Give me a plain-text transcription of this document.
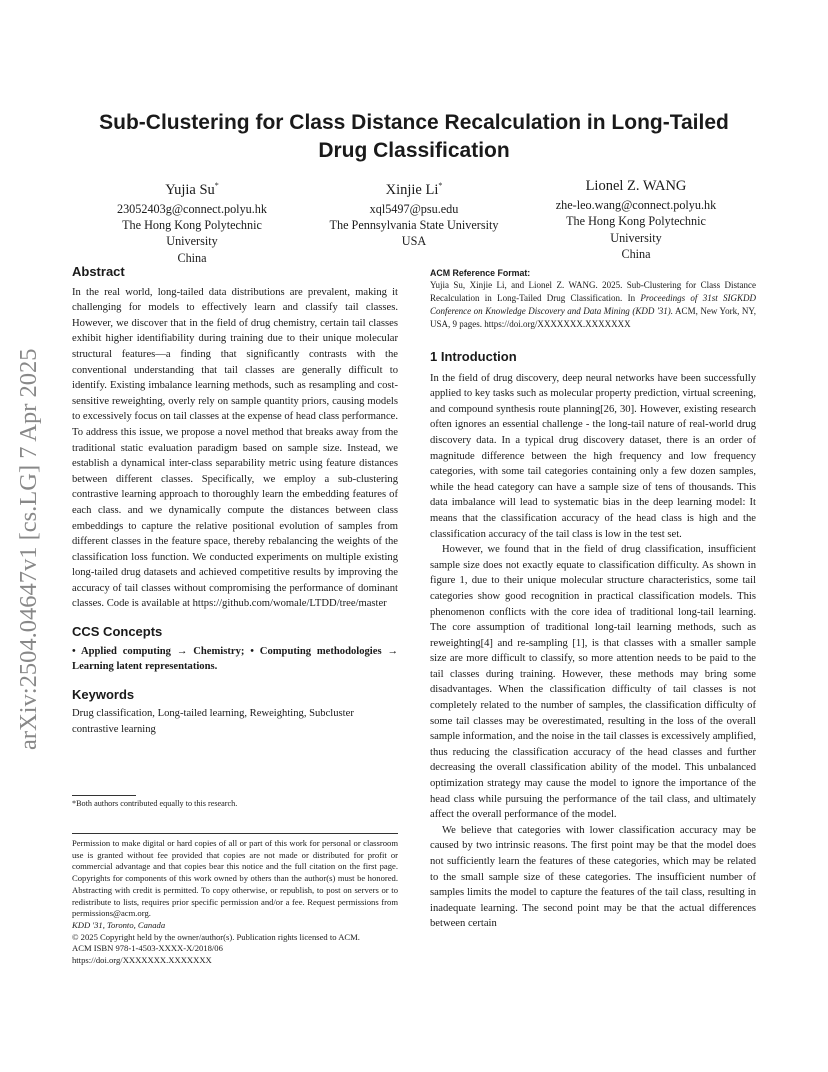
Sub-Clustering for Class Distance Recalculation in Long-Tailed
Drug Classification
Yujia Su*
23052403g@connect.polyu.hk
The Hong Kong Polytechnic
University
China
Xinjie Li*
xql5497@psu.edu
The Pennsylvania State University
USA
Lionel Z. WANG
zhe-leo.wang@connect.polyu.hk
The Hong Kong Polytechnic
University
China
arXiv:2504.04647v1 [cs.LG] 7 Apr 2025
Abstract

In the real world, long-tailed data distributions are prevalent, making it challenging for models to effectively learn and classify tail classes. However, we discover that in the field of drug chemistry, certain tail classes exhibit higher identifiability during training due to their unique molecular structural features—a finding that significantly contrasts with the conventional understanding that tail classes are generally difficult to identify. Existing imbalance learning methods, such as resampling and cost-sensitive reweighting, overly rely on sample quantity priors, causing models to excessively focus on tail classes at the expense of head class performance. To address this issue, we propose a novel method that breaks away from the traditional static evaluation paradigm based on sample size. Instead, we establish a dynamical inter-class separability metric using feature distances between different classes. Specifically, we employ a sub-clustering contrastive learning approach to thoroughly learn the embedding features of each class. and we dynamically compute the distances between class embeddings to capture the relative positional evolution of samples from different classes in the feature space, thereby rebalancing the weights of the classification loss function. We conducted experiments on multiple existing long-tailed drug datasets and achieved competitive results by improving the accuracy of tail classes without compromising the performance of dominant classes. Code is available at https://github.com/womale/LTDD/tree/master

CCS Concepts

• Applied computing → Chemistry; • Computing methodologies → Learning latent representations.

Keywords

Drug classification, Long-tailed learning, Reweighting, Subcluster contrastive learning

*Both authors contributed equally to this research.
Permission to make digital or hard copies of all or part of this work for personal or classroom use is granted without fee provided that copies are not made or distributed for profit or commercial advantage and that copies bear this notice and the full citation on the first page. Copyrights for components of this work owned by others than the author(s) must be honored. Abstracting with credit is permitted. To copy otherwise, or republish, to post on servers or to redistribute to lists, requires prior specific permission and/or a fee. Request permissions from permissions@acm.org.
KDD '31, Toronto, Canada
© 2025 Copyright held by the owner/author(s). Publication rights licensed to ACM.
ACM ISBN 978-1-4503-XXXX-X/2018/06
https://doi.org/XXXXXXX.XXXXXXX
ACM Reference Format:
Yujia Su, Xinjie Li, and Lionel Z. WANG. 2025. Sub-Clustering for Class Distance Recalculation in Long-Tailed Drug Classification. In Proceedings of 31st SIGKDD Conference on Knowledge Discovery and Data Mining (KDD '31). ACM, New York, NY, USA, 9 pages. https://doi.org/XXXXXXX.XXXXXXX
1 Introduction

In the field of drug discovery, deep neural networks have been successfully applied to key tasks such as molecular property prediction, virtual screening, and compound synthesis route planning[26, 30]. However, existing research often ignores an essential challenge - the long-tail nature of real-world drug discovery data. In a typical drug discovery dataset, there is an order of magnitude difference between the high frequency and low frequency categories, with some tail categories containing only a few dozen samples, while the head category can have a sample size of tens of thousands. This data imbalance will lead to systematic bias in the deep learning model: It means that the classification accuracy of the head class is high and the classification accuracy of the tail class is low in the test set.

However, we found that in the field of drug classification, insufficient sample size does not exactly equate to classification difficulty. As shown in figure 1, due to their unique molecular structure characteristics, some tail categories show good recognition in practical classification models. This phenomenon conflicts with the core idea of traditional long-tail learning. The core assumption of traditional long-tail learning methods, such as reweighting[4] and re-sampling [1], is that classes with a smaller sample size are more difficult to classify, so more attention needs to be paid to the tail classes during training. However, these methods may bring some disadvantages. When the classification difficulty of tail classes is not completely related to the number of samples, the classification difficulty of some tail classes may be overestimated, resulting in the loss of the overall sample information, and the noise in the tail classes is excessively amplified, thus reducing the classification accuracy of the head classes and further decreasing the overall classification ability of the model. This unbalanced optimization strategy may cause the model to ignore the importance of the head class while pursuing the performance of the tail class, and ultimately affect the overall performance of the model.

We believe that categories with lower classification accuracy may be caused by two intrinsic reasons. The first point may be that the model does not sufficiently learn the features of these categories, which may be related to the small sample size of these categories. The insufficient number of samples limits the model to capture the features of the tail class, resulting in inadequate learning. The second point may be that the actual differences between certain
